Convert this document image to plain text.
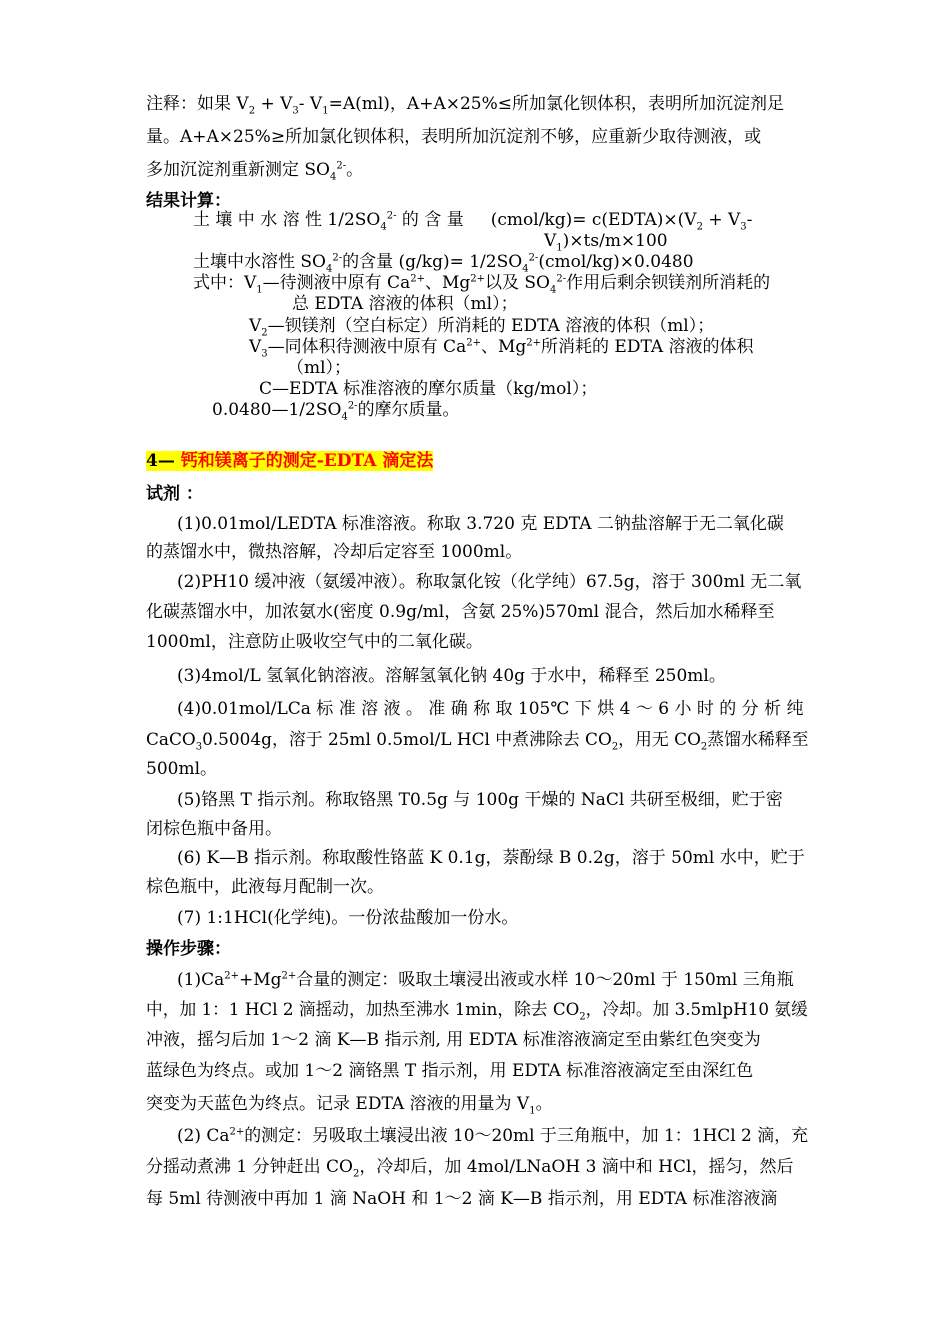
注释：如果 $V_2 + V_3-$ $V_1=A(ml)$，A+A×25%≤所加氯化钡体积，表明所加沉淀剂足
量。A+A×25%≥所加氯化钡体积，表明所加沉淀剂不够，应重新少取待测液，或
多加沉淀剂重新测定 $SO_4^{2-}$。
结果计算：
土 壤 中 水 溶 性 $1/2SO_4^{2-}$ 的 含 量 (cmol/kg)= $c(EDTA)\times(V_2 + V_3-$
$V_1)\times ts/m\times 100$
土壤中水溶性 $SO_4^{2-}$的含量 $(g/kg)= 1/2SO_4^{2-}(cmol/kg)\times 0.0480$
式中：$V_1—$待测液中原有 $Ca^{2+}$、$Mg^{2+}$以及 $SO_4^{2-}$作用后剩余钡镁剂所消耗的
总 EDTA 溶液的体积（ml）；
$V_2—$钡镁剂（空白标定）所消耗的 EDTA 溶液的体积（ml）；
$V_3—$同体积待测液中原有 $Ca^{2+}$、$Mg^{2+}$所消耗的 EDTA 溶液的体积
（ml）；
C—EDTA 标准溶液的摩尔质量（kg/mol）；
$0.0480—1/2SO_4^{2-}$的摩尔质量。
4— 钙和镁离子的测定-EDTA 滴定法
试剂 ：
(1)0.01mol/LEDTA 标准溶液。称取 3.720 克 EDTA 二钠盐溶解于无二氧化碳
的蒸馏水中，微热溶解，冷却后定容至 1000ml。
(2)PH10 缓冲液（氨缓冲液）。称取氯化铵（化学纯）67.5g，溶于 300ml 无二氧
化碳蒸馏水中，加浓氨水(密度 0.9g/ml，含氨 25%)570ml 混合，然后加水稀释至
1000ml，注意防止吸收空气中的二氧化碳。
(3)4mol/L 氢氧化钠溶液。溶解氢氧化钠 40g 于水中，稀释至 250ml。
(4)0.01mol/LCa 标 准 溶 液 。 准 确 称 取 105℃ 下 烘 4 ～ 6 小 时 的 分 析 纯
CaCO$_3$0.5004g，溶于 25ml 0.5mol/L HCl 中煮沸除去 $CO_2$，用无 $CO_2$蒸馏水稀释至
500ml。
(5)铬黑 T 指示剂。称取铬黑 T0.5g 与 100g 干燥的 NaCl 共研至极细，贮于密
闭棕色瓶中备用。
(6) K—B 指示剂。称取酸性铬蓝 K 0.1g，萘酚绿 B 0.2g，溶于 50ml 水中，贮于
棕色瓶中，此液每月配制一次。
(7) 1:1HCl(化学纯)。一份浓盐酸加一份水。
操作步骤：
$(1)Ca^{2+}+Mg^{2+}$合量的测定：吸取土壤浸出液或水样 10～20ml 于 150ml 三角瓶
中，加 1：1 HCl 2 滴摇动，加热至沸水 1min，除去 $CO_2$，冷却。加 3.5mlpH10 氨缓
冲液，摇匀后加 1～2 滴 K—B 指示剂, 用 EDTA 标准溶液滴定至由紫红色突变为
蓝绿色为终点。或加 1～2 滴铬黑 T 指示剂，用 EDTA 标准溶液滴定至由深红色
突变为天蓝色为终点。记录 EDTA 溶液的用量为 $V_1$。
(2) $Ca^{2+}$的测定：另吸取土壤浸出液 10～20ml 于三角瓶中，加 1：1HCl 2 滴，充
分摇动煮沸 1 分钟赶出 $CO_2$，冷却后，加 4mol/LNaOH 3 滴中和 HCl，摇匀，然后
每 5ml 待测液中再加 1 滴 NaOH 和 1～2 滴 K—B 指示剂，用 EDTA 标准溶液滴
